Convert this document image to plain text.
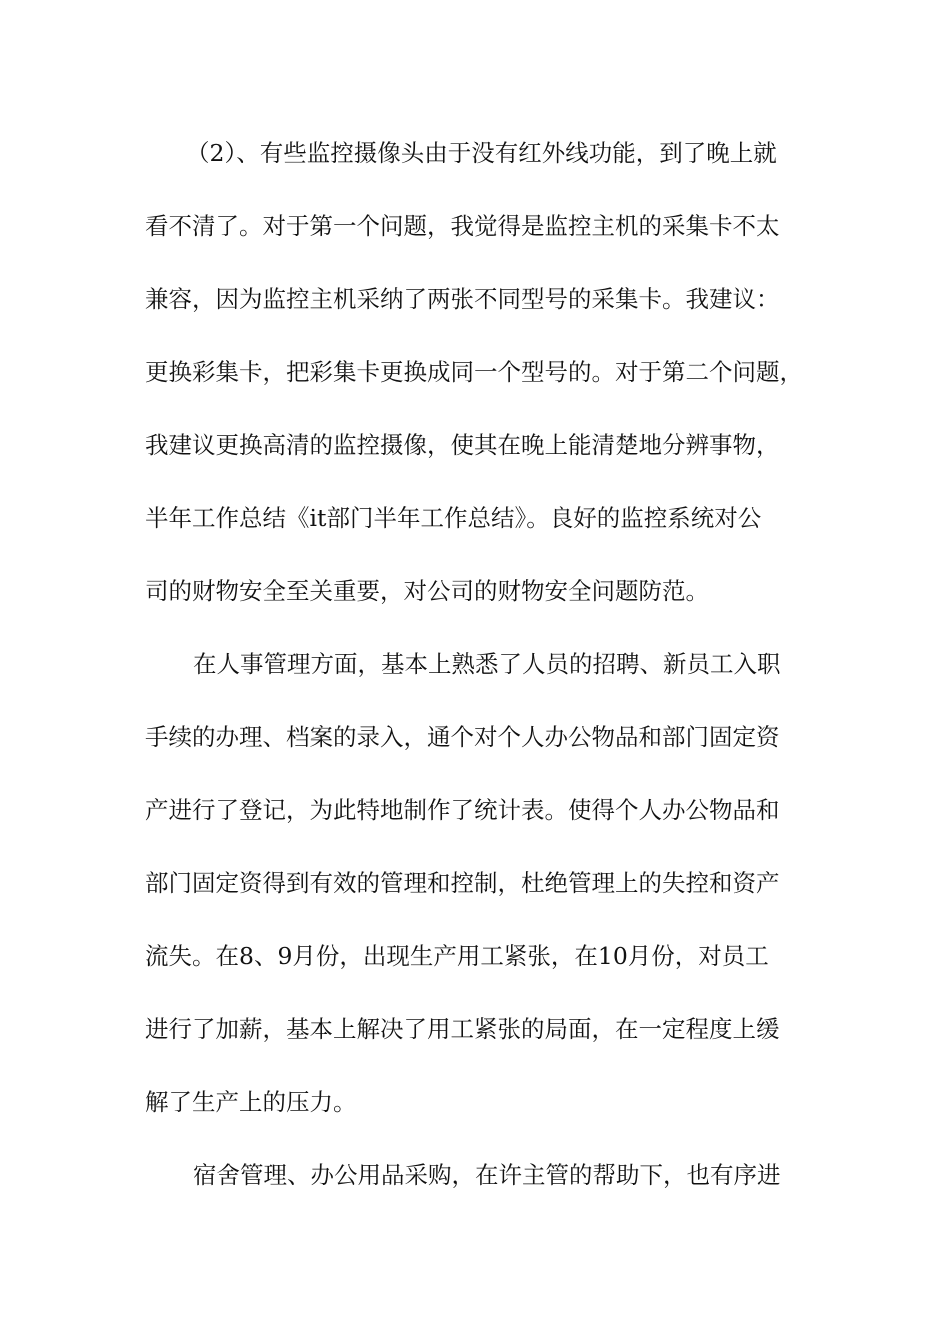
（2）、有些监控摄像头由于没有红外线功能，到了晚上就
看不清了。对于第一个问题，我觉得是监控主机的采集卡不太
兼容，因为监控主机采纳了两张不同型号的采集卡。我建议：
更换彩集卡，把彩集卡更换成同一个型号的。对于第二个问题，
我建议更换高清的监控摄像，使其在晚上能清楚地分辨事物，
半年工作总结《it部门半年工作总结》。良好的监控系统对公
司的财物安全至关重要，对公司的财物安全问题防范。
在人事管理方面，基本上熟悉了人员的招聘、新员工入职
手续的办理、档案的录入，通个对个人办公物品和部门固定资
产进行了登记，为此特地制作了统计表。使得个人办公物品和
部门固定资得到有效的管理和控制，杜绝管理上的失控和资产
流失。在8、9月份，出现生产用工紧张，在10月份，对员工
进行了加薪，基本上解决了用工紧张的局面，在一定程度上缓
解了生产上的压力。
宿舍管理、办公用品采购，在许主管的帮助下，也有序进
